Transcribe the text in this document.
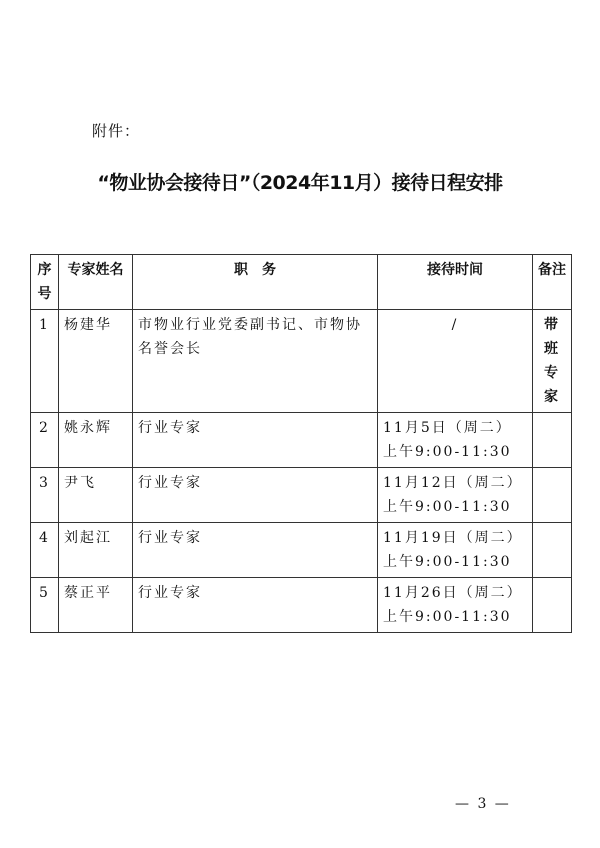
附件：
“物业协会接待日”（2024年11月）接待日程安排
序号	专家姓名	职　务	接待时间	备注
1	杨建华	市物业行业党委副书记、市物协名誉会长	/	带班专家
2	姚永辉	行业专家	11月5日（周二）上午9:00-11:30	
3	尹飞	行业专家	11月12日（周二）上午9:00-11:30	
4	刘起江	行业专家	11月19日（周二）上午9:00-11:30	
5	蔡正平	行业专家	11月26日（周二）上午9:00-11:30	
— 3 —
